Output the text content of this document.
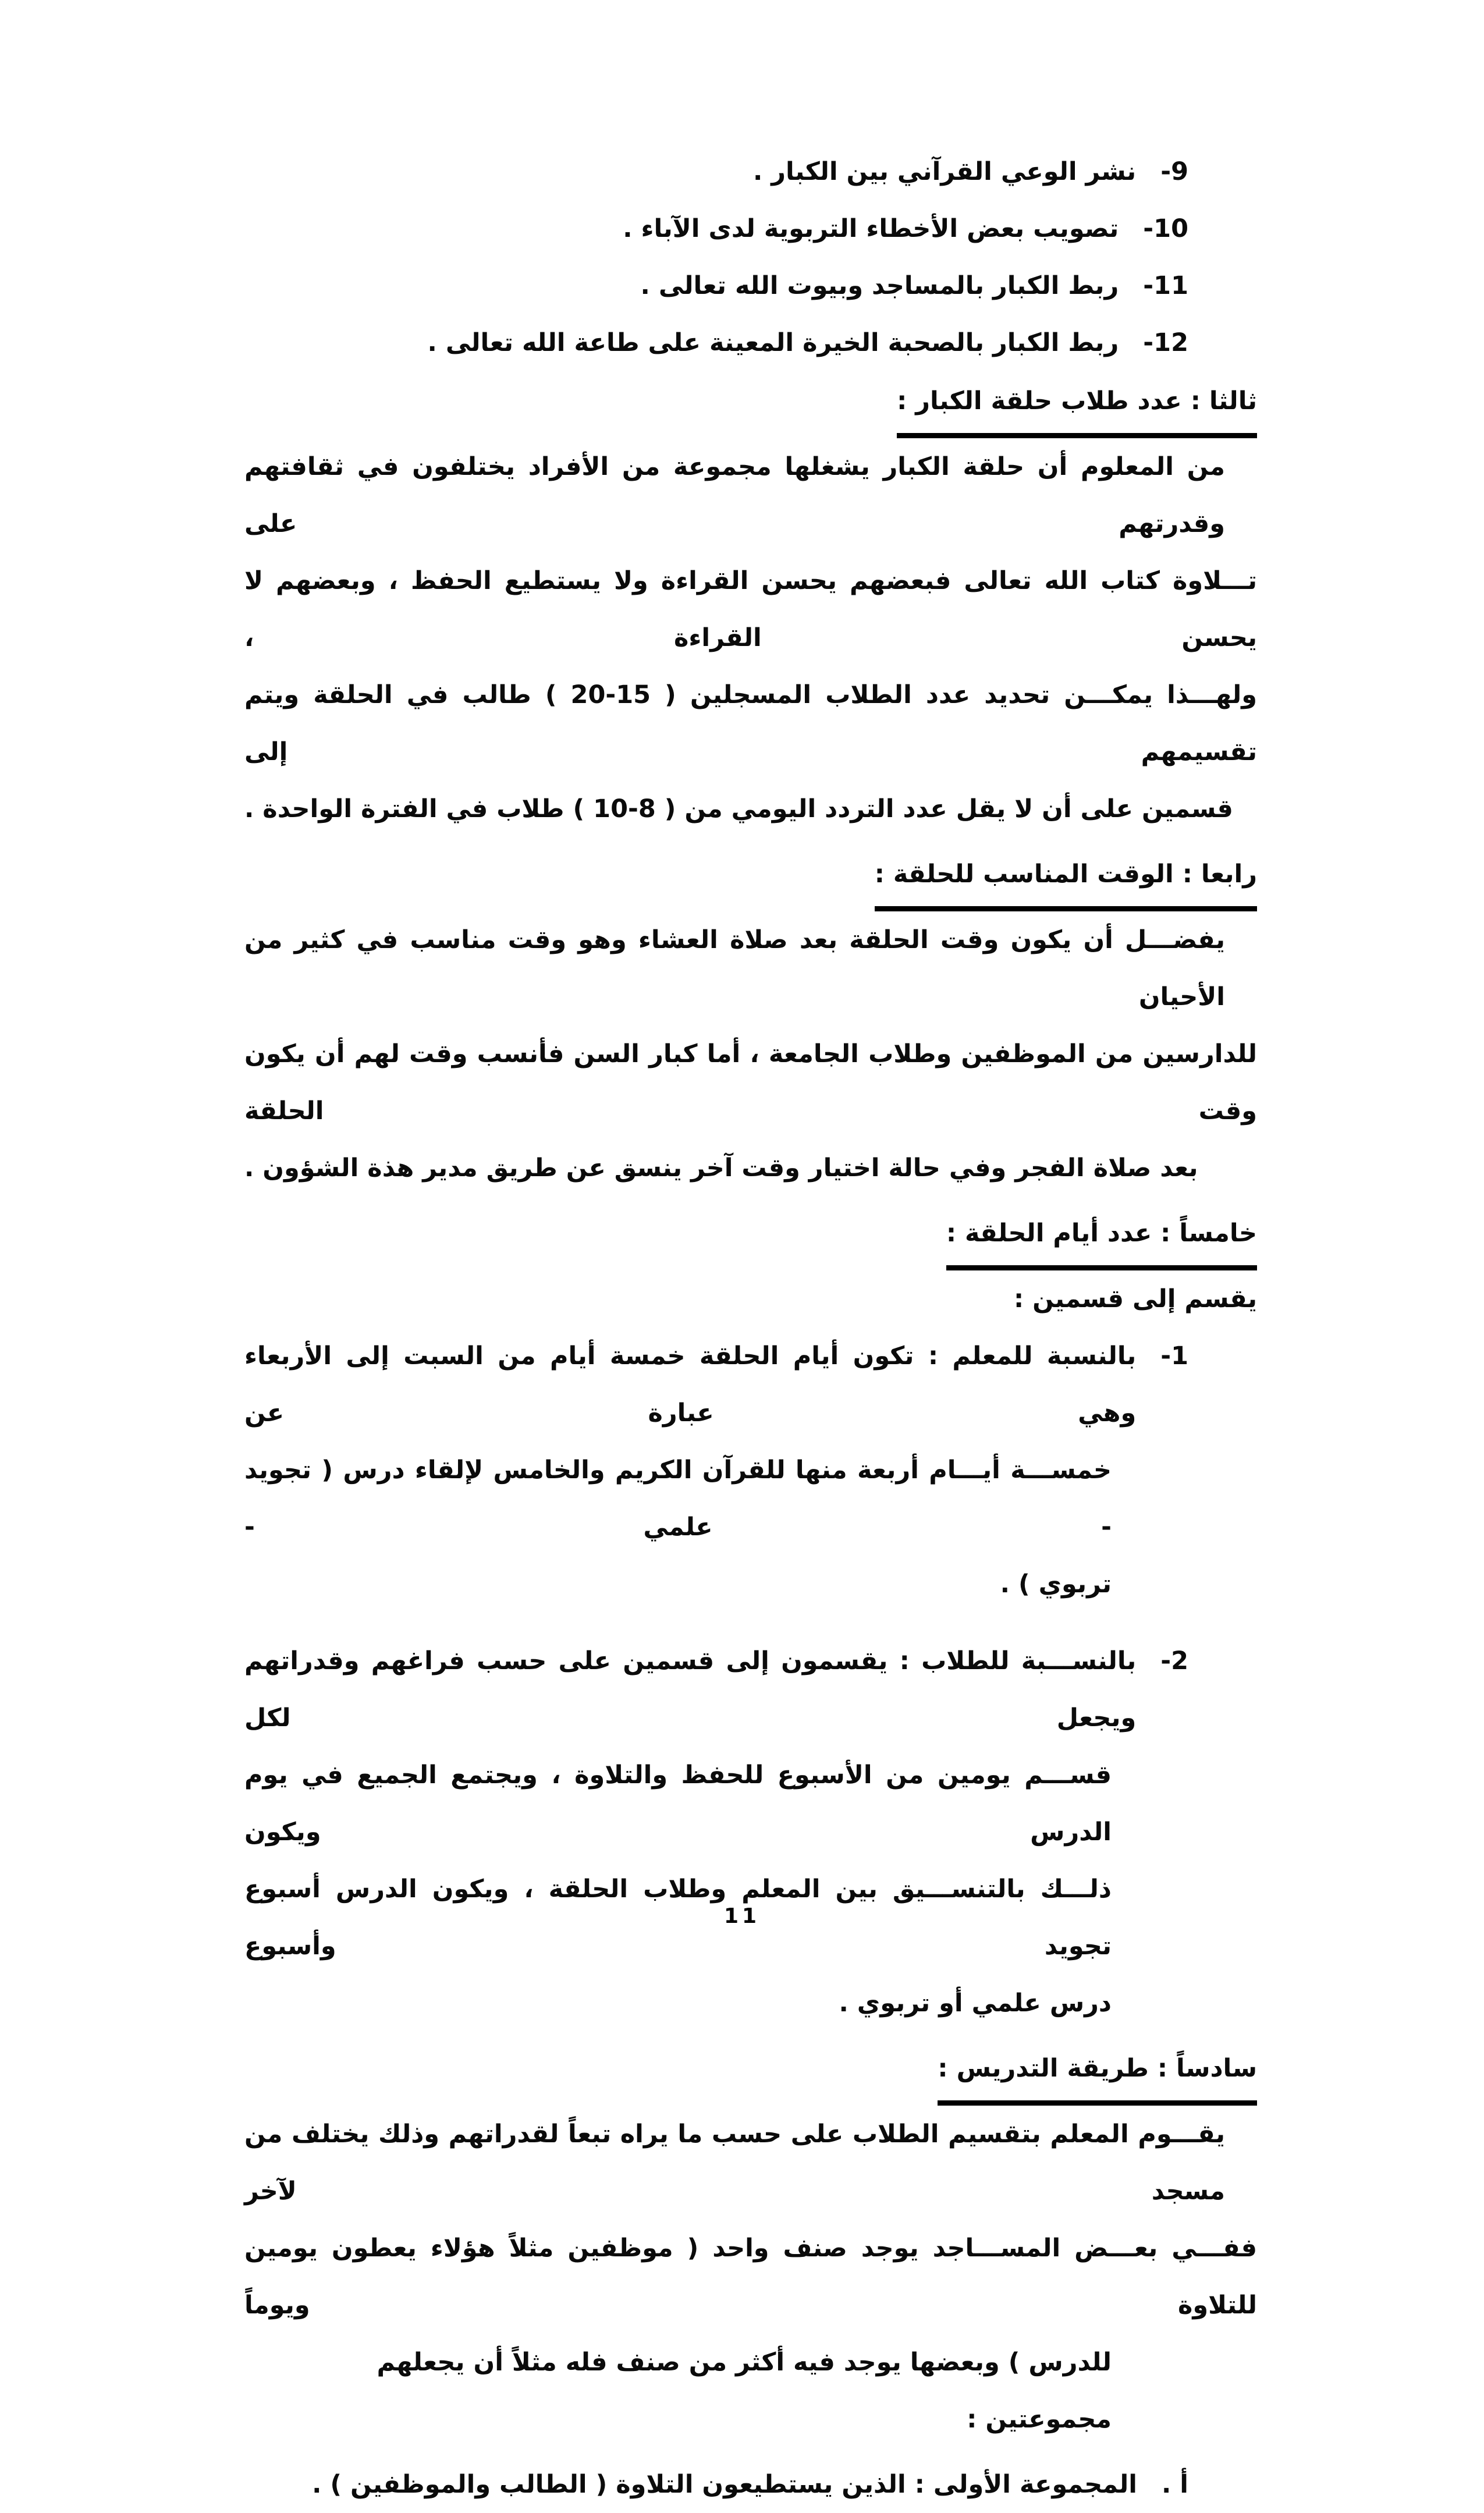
9-
نشر الوعي القرآني بين الكبار .
10-
تصويب بعض الأخطاء التربوية لدى الآباء .
11-
ربط الكبار بالمساجد وبيوت الله تعالى .
12-
ربط الكبار بالصحبة الخيرة المعينة على طاعة الله تعالى .
ثالثا : عدد طلاب حلقة الكبار :
من المعلوم أن حلقة الكبار يشغلها مجموعة من الأفراد يختلفون في ثقافتهم وقدرتهم على
تـــلاوة كتاب الله تعالى فبعضهم يحسن القراءة ولا يستطيع الحفظ ، وبعضهم لا يحسن القراءة ،
ولهـــذا يمكـــن تحديد عدد الطلاب المسجلين ( 15-20 ) طالب في الحلقة ويتم تقسيمهم إلى
قسمين على أن لا يقل عدد التردد اليومي من ( 8-10 ) طلاب في الفترة الواحدة .
رابعا : الوقت المناسب للحلقة :
يفضـــل أن يكون وقت الحلقة بعد صلاة العشاء وهو وقت مناسب في كثير من الأحيان
للدارسين من الموظفين وطلاب الجامعة ، أما كبار السن فأنسب وقت لهم أن يكون وقت الحلقة
بعد صلاة الفجر وفي حالة اختيار وقت آخر ينسق عن طريق مدير هذة الشؤون .
خامساً : عدد أيام الحلقة :
يقسم إلى قسمين :
1-
بالنسبة للمعلم : تكون أيام الحلقة خمسة أيام من السبت إلى الأربعاء وهي عبارة عن
خمســـة أيـــام أربعة منها للقرآن الكريم والخامس لإلقاء درس ( تجويد - علمي -
تربوي ) .
2-
بالنســـبة للطلاب : يقسمون إلى قسمين على حسب فراغهم وقدراتهم ويجعل لكل
قســـم يومين من الأسبوع للحفظ والتلاوة ، ويجتمع الجميع في يوم الدرس ويكون
ذلـــك بالتنســـيق بين المعلم وطلاب الحلقة ، ويكون الدرس أسبوع تجويد وأسبوع
درس علمي أو تربوي .
سادساً : طريقة التدريس :
يقـــوم المعلم بتقسيم الطلاب على حسب ما يراه تبعاً لقدراتهم وذلك يختلف من مسجد لآخر
ففـــي بعـــض المســـاجد يوجد صنف واحد ( موظفين مثلاً هؤلاء يعطون يومين للتلاوة ويوماً
للدرس ) وبعضها يوجد فيه أكثر من صنف فله مثلاً أن يجعلهم مجموعتين :
أ .
المجموعة الأولى : الذين يستطيعون التلاوة ( الطالب والموظفين ) .
11
